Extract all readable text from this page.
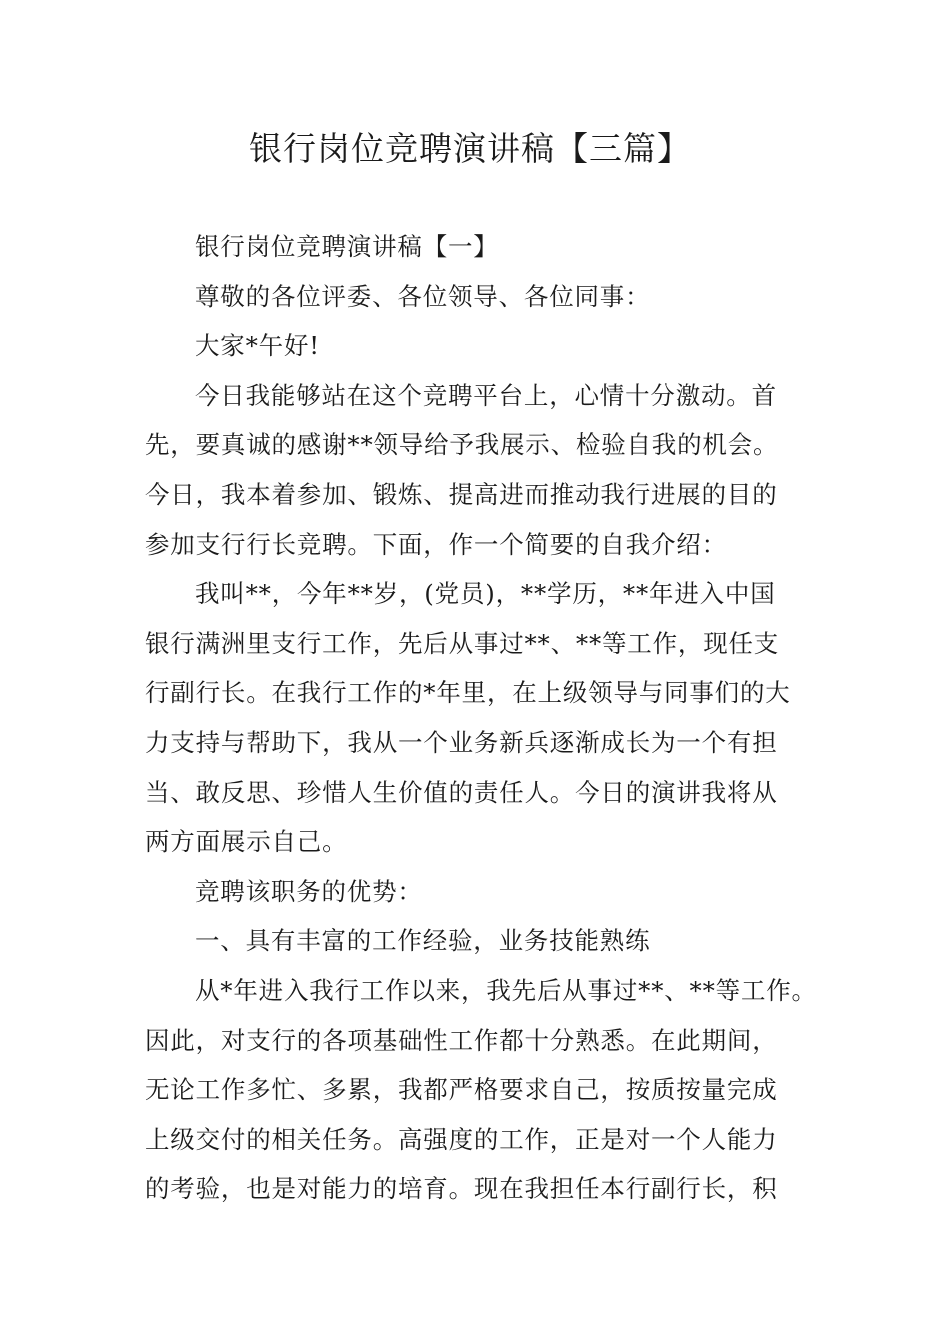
银行岗位竞聘演讲稿【三篇】
银行岗位竞聘演讲稿【一】
尊敬的各位评委、各位领导、各位同事：
大家*午好!
今日我能够站在这个竞聘平台上，心情十分激动。首
先，要真诚的感谢**领导给予我展示、检验自我的机会。
今日，我本着参加、锻炼、提高进而推动我行进展的目的
参加支行行长竞聘。下面，作一个简要的自我介绍：
我叫**，今年**岁，(党员)，**学历，**年进入中国
银行满洲里支行工作，先后从事过**、**等工作，现任支
行副行长。在我行工作的*年里，在上级领导与同事们的大
力支持与帮助下，我从一个业务新兵逐渐成长为一个有担
当、敢反思、珍惜人生价值的责任人。今日的演讲我将从
两方面展示自己。
竞聘该职务的优势：
一、具有丰富的工作经验，业务技能熟练
从*年进入我行工作以来，我先后从事过**、**等工作。
因此，对支行的各项基础性工作都十分熟悉。在此期间，
无论工作多忙、多累，我都严格要求自己，按质按量完成
上级交付的相关任务。高强度的工作，正是对一个人能力
的考验，也是对能力的培育。现在我担任本行副行长，积
